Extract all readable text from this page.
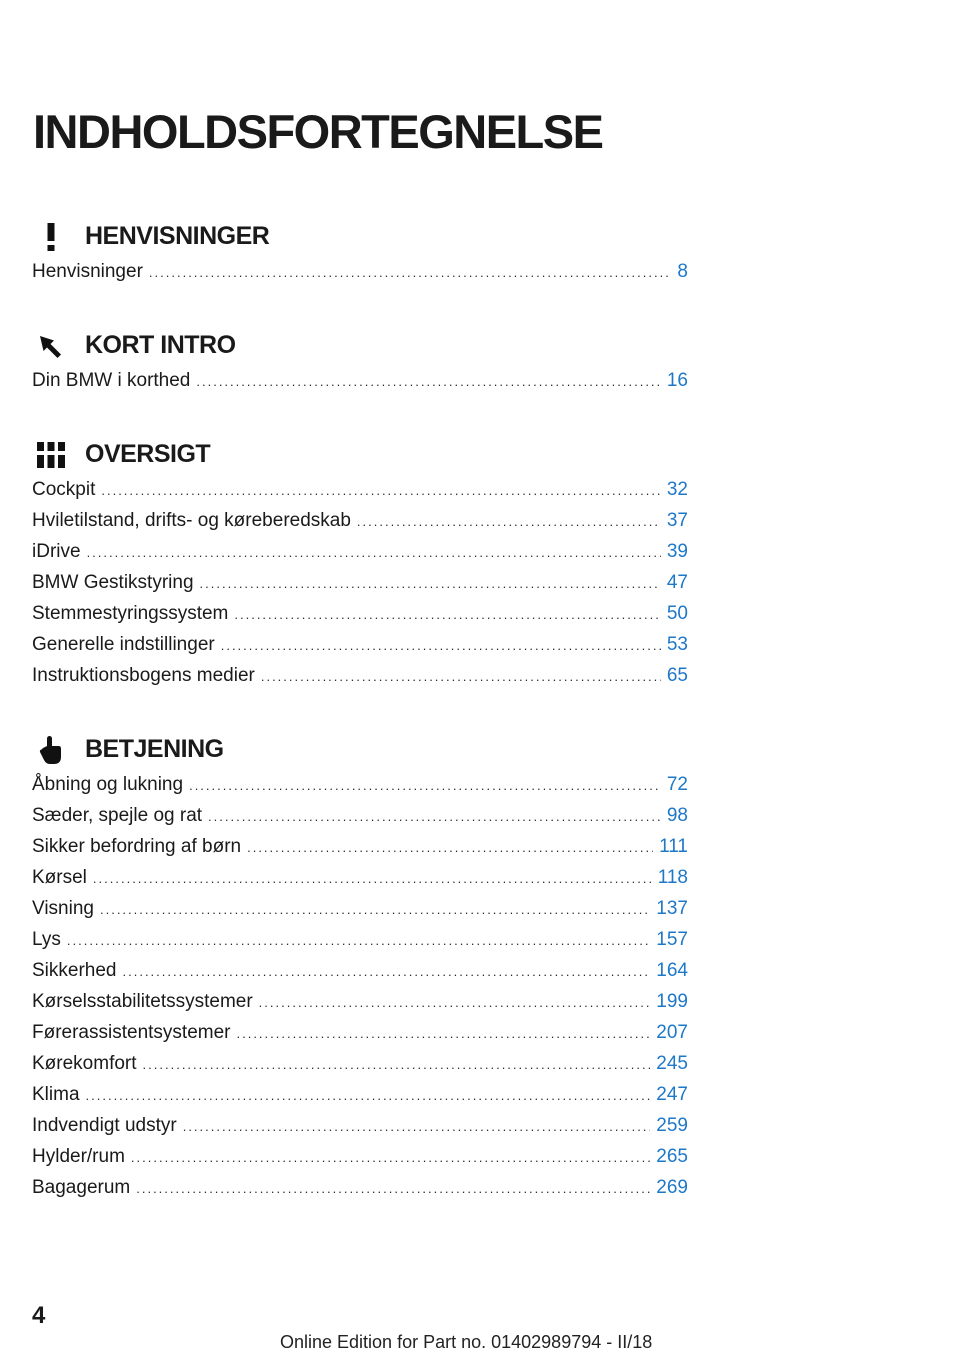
INDHOLDSFORTEGNELSE
HENVISNINGER
Henvisninger .....	8
KORT INTRO
Din BMW i korthed .....	16
OVERSIGT
Cockpit .....	32
Hviletilstand, drifts- og køreberedskab .....	37
iDrive .....	39
BMW Gestikstyring .....	47
Stemmestyringssystem .....	50
Generelle indstillinger .....	53
Instruktionsbogens medier .....	65
BETJENING
Åbning og lukning .....	72
Sæder, spejle og rat .....	98
Sikker befordring af børn .....	111
Kørsel .....	118
Visning .....	137
Lys .....	157
Sikkerhed .....	164
Kørselsstabilitetssystemer .....	199
Førerassistentsystemer .....	207
Kørekomfort .....	245
Klima .....	247
Indvendigt udstyr .....	259
Hylder/rum .....	265
Bagagerum .....	269
4
Online Edition for Part no. 01402989794 - II/18
